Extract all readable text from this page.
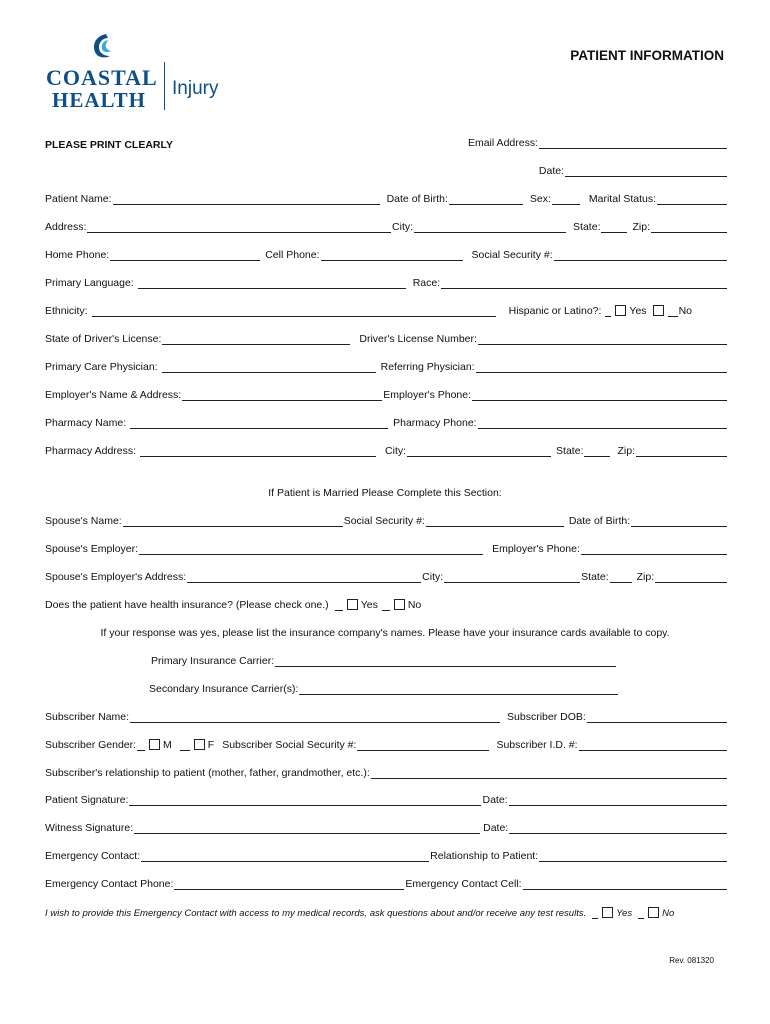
COASTAL
HEALTH Injury
PATIENT INFORMATION
PLEASE PRINT CLEARLY	Email Address:
Date:
Patient Name:	Date of Birth:	Sex:	Marital Status:
Address:	City:	State:	Zip:
Home Phone:	Cell Phone:	Social Security #:
Primary Language:	Race:
Ethnicity:	Hispanic or Latino?:	Yes	No
State of Driver's License:	Driver's License Number:
Primary Care Physician:	Referring Physician:
Employer's Name & Address:	Employer's Phone:
Pharmacy Name:	Pharmacy Phone:
Pharmacy Address:	City:	State:	Zip:
If Patient is Married Please Complete this Section:
Spouse's Name:	Social Security #:	Date of Birth:
Spouse's Employer:	Employer's Phone:
Spouse's Employer's Address:	City:	State:	Zip:
Does the patient have health insurance? (Please check one.)	Yes	No
If your response was yes, please list the insurance company's names. Please have your insurance cards available to copy.
Primary Insurance Carrier:
Secondary Insurance Carrier(s):
Subscriber Name:	Subscriber DOB:
Subscriber Gender:	M	F Subscriber Social Security #:	Subscriber I.D. #:
Subscriber's relationship to patient (mother, father, grandmother, etc.):
Patient Signature:	Date:
Witness Signature:	Date:
Emergency Contact:	Relationship to Patient:
Emergency Contact Phone:	Emergency Contact Cell:
I wish to provide this Emergency Contact with access to my medical records, ask questions about and/or receive any test results.	Yes	No
Rev. 081320
